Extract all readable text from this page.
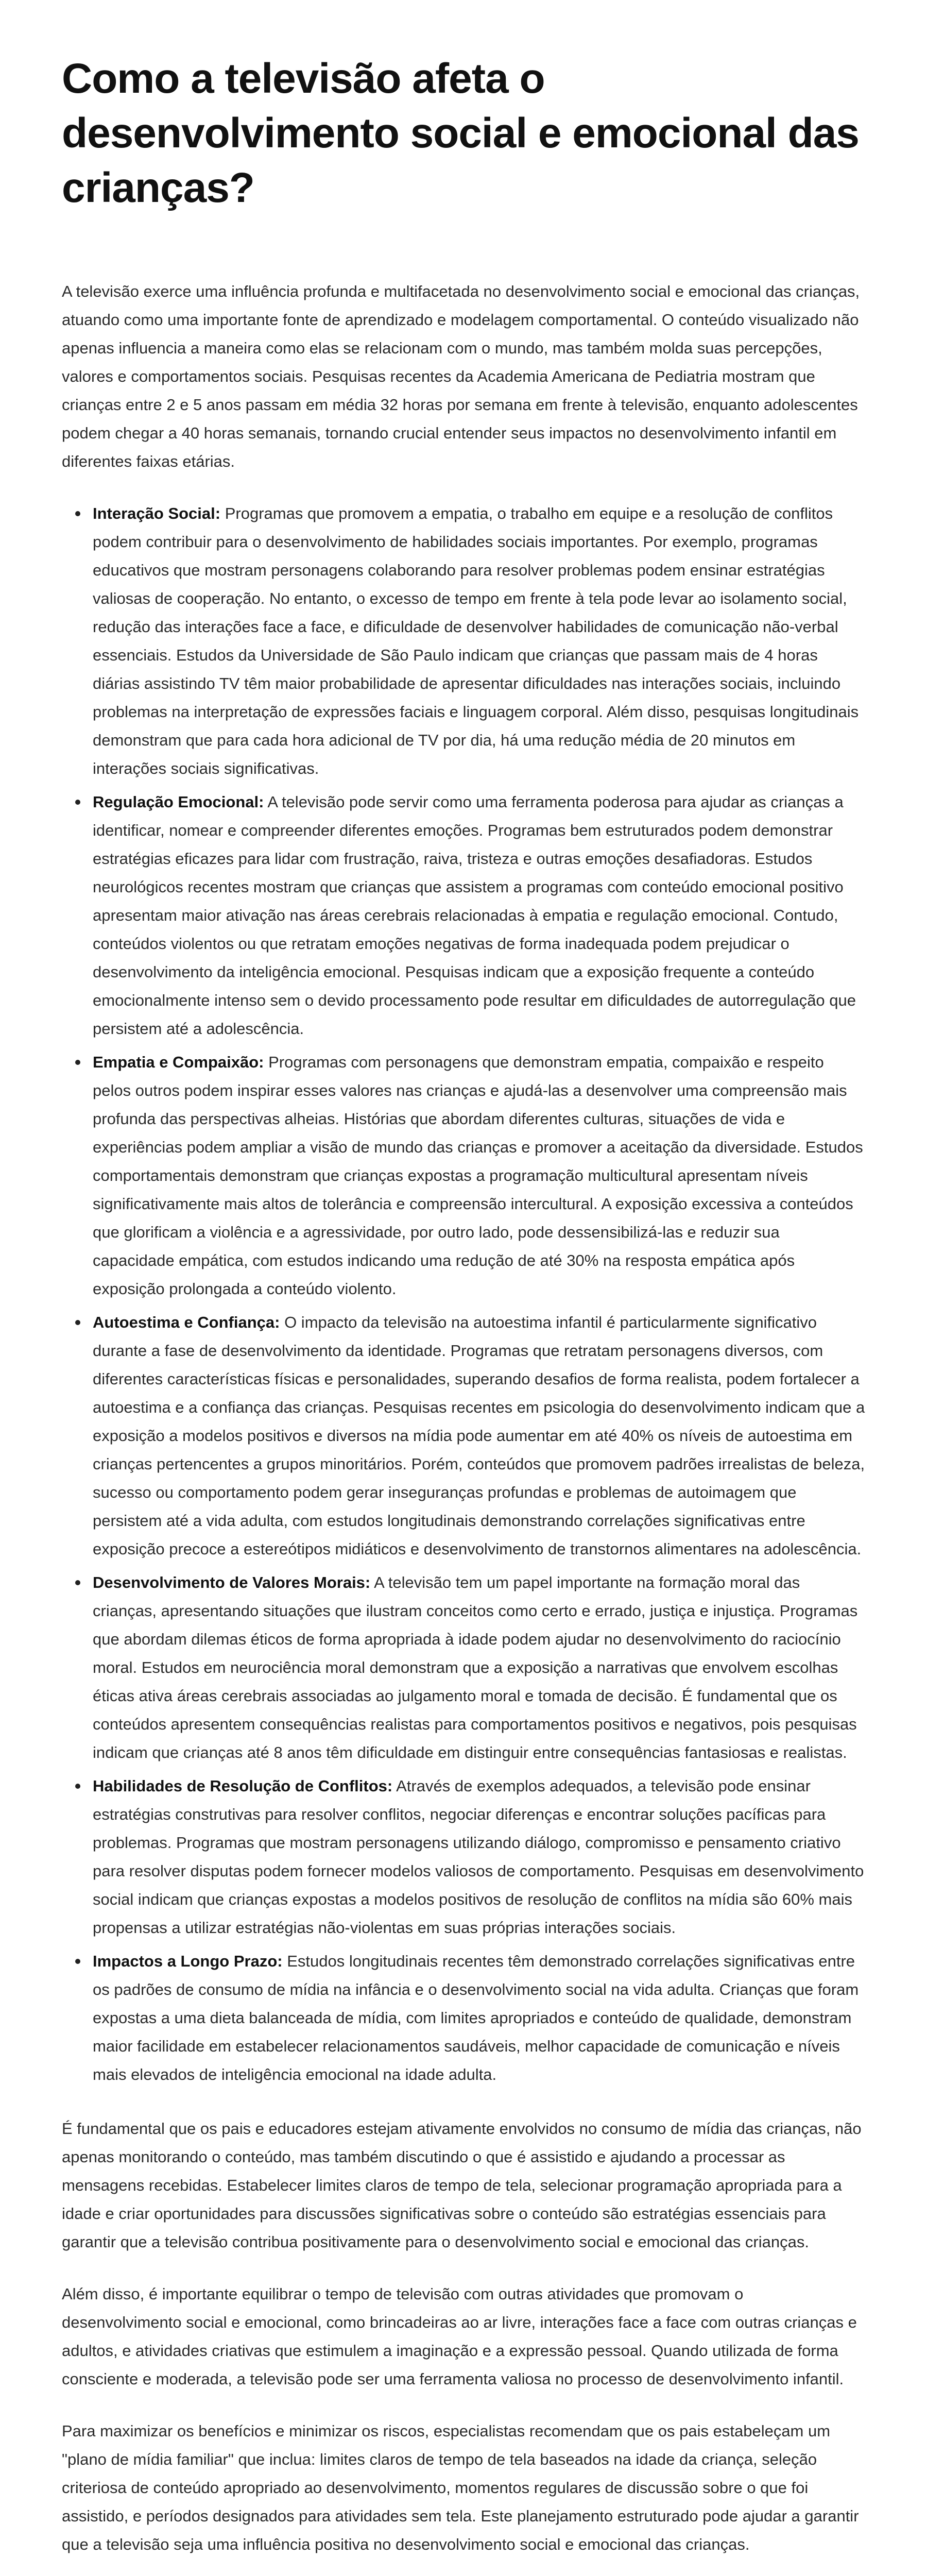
Como a televisão afeta o desenvolvimento social e emocional das crianças?

A televisão exerce uma influência profunda e multifacetada no desenvolvimento social e emocional das crianças, atuando como uma importante fonte de aprendizado e modelagem comportamental. O conteúdo visualizado não apenas influencia a maneira como elas se relacionam com o mundo, mas também molda suas percepções, valores e comportamentos sociais. Pesquisas recentes da Academia Americana de Pediatria mostram que crianças entre 2 e 5 anos passam em média 32 horas por semana em frente à televisão, enquanto adolescentes podem chegar a 40 horas semanais, tornando crucial entender seus impactos no desenvolvimento infantil em diferentes faixas etárias.

Interação Social: Programas que promovem a empatia, o trabalho em equipe e a resolução de conflitos podem contribuir para o desenvolvimento de habilidades sociais importantes. Por exemplo, programas educativos que mostram personagens colaborando para resolver problemas podem ensinar estratégias valiosas de cooperação. No entanto, o excesso de tempo em frente à tela pode levar ao isolamento social, redução das interações face a face, e dificuldade de desenvolver habilidades de comunicação não-verbal essenciais. Estudos da Universidade de São Paulo indicam que crianças que passam mais de 4 horas diárias assistindo TV têm maior probabilidade de apresentar dificuldades nas interações sociais, incluindo problemas na interpretação de expressões faciais e linguagem corporal. Além disso, pesquisas longitudinais demonstram que para cada hora adicional de TV por dia, há uma redução média de 20 minutos em interações sociais significativas.
Regulação Emocional: A televisão pode servir como uma ferramenta poderosa para ajudar as crianças a identificar, nomear e compreender diferentes emoções. Programas bem estruturados podem demonstrar estratégias eficazes para lidar com frustração, raiva, tristeza e outras emoções desafiadoras. Estudos neurológicos recentes mostram que crianças que assistem a programas com conteúdo emocional positivo apresentam maior ativação nas áreas cerebrais relacionadas à empatia e regulação emocional. Contudo, conteúdos violentos ou que retratam emoções negativas de forma inadequada podem prejudicar o desenvolvimento da inteligência emocional. Pesquisas indicam que a exposição frequente a conteúdo emocionalmente intenso sem o devido processamento pode resultar em dificuldades de autorregulação que persistem até a adolescência.
Empatia e Compaixão: Programas com personagens que demonstram empatia, compaixão e respeito pelos outros podem inspirar esses valores nas crianças e ajudá-las a desenvolver uma compreensão mais profunda das perspectivas alheias. Histórias que abordam diferentes culturas, situações de vida e experiências podem ampliar a visão de mundo das crianças e promover a aceitação da diversidade. Estudos comportamentais demonstram que crianças expostas a programação multicultural apresentam níveis significativamente mais altos de tolerância e compreensão intercultural. A exposição excessiva a conteúdos que glorificam a violência e a agressividade, por outro lado, pode dessensibilizá-las e reduzir sua capacidade empática, com estudos indicando uma redução de até 30% na resposta empática após exposição prolongada a conteúdo violento.
Autoestima e Confiança: O impacto da televisão na autoestima infantil é particularmente significativo durante a fase de desenvolvimento da identidade. Programas que retratam personagens diversos, com diferentes características físicas e personalidades, superando desafios de forma realista, podem fortalecer a autoestima e a confiança das crianças. Pesquisas recentes em psicologia do desenvolvimento indicam que a exposição a modelos positivos e diversos na mídia pode aumentar em até 40% os níveis de autoestima em crianças pertencentes a grupos minoritários. Porém, conteúdos que promovem padrões irrealistas de beleza, sucesso ou comportamento podem gerar inseguranças profundas e problemas de autoimagem que persistem até a vida adulta, com estudos longitudinais demonstrando correlações significativas entre exposição precoce a estereótipos midiáticos e desenvolvimento de transtornos alimentares na adolescência.
Desenvolvimento de Valores Morais: A televisão tem um papel importante na formação moral das crianças, apresentando situações que ilustram conceitos como certo e errado, justiça e injustiça. Programas que abordam dilemas éticos de forma apropriada à idade podem ajudar no desenvolvimento do raciocínio moral. Estudos em neurociência moral demonstram que a exposição a narrativas que envolvem escolhas éticas ativa áreas cerebrais associadas ao julgamento moral e tomada de decisão. É fundamental que os conteúdos apresentem consequências realistas para comportamentos positivos e negativos, pois pesquisas indicam que crianças até 8 anos têm dificuldade em distinguir entre consequências fantasiosas e realistas.
Habilidades de Resolução de Conflitos: Através de exemplos adequados, a televisão pode ensinar estratégias construtivas para resolver conflitos, negociar diferenças e encontrar soluções pacíficas para problemas. Programas que mostram personagens utilizando diálogo, compromisso e pensamento criativo para resolver disputas podem fornecer modelos valiosos de comportamento. Pesquisas em desenvolvimento social indicam que crianças expostas a modelos positivos de resolução de conflitos na mídia são 60% mais propensas a utilizar estratégias não-violentas em suas próprias interações sociais.
Impactos a Longo Prazo: Estudos longitudinais recentes têm demonstrado correlações significativas entre os padrões de consumo de mídia na infância e o desenvolvimento social na vida adulta. Crianças que foram expostas a uma dieta balanceada de mídia, com limites apropriados e conteúdo de qualidade, demonstram maior facilidade em estabelecer relacionamentos saudáveis, melhor capacidade de comunicação e níveis mais elevados de inteligência emocional na idade adulta.

É fundamental que os pais e educadores estejam ativamente envolvidos no consumo de mídia das crianças, não apenas monitorando o conteúdo, mas também discutindo o que é assistido e ajudando a processar as mensagens recebidas. Estabelecer limites claros de tempo de tela, selecionar programação apropriada para a idade e criar oportunidades para discussões significativas sobre o conteúdo são estratégias essenciais para garantir que a televisão contribua positivamente para o desenvolvimento social e emocional das crianças.

Além disso, é importante equilibrar o tempo de televisão com outras atividades que promovam o desenvolvimento social e emocional, como brincadeiras ao ar livre, interações face a face com outras crianças e adultos, e atividades criativas que estimulem a imaginação e a expressão pessoal. Quando utilizada de forma consciente e moderada, a televisão pode ser uma ferramenta valiosa no processo de desenvolvimento infantil.

Para maximizar os benefícios e minimizar os riscos, especialistas recomendam que os pais estabeleçam um "plano de mídia familiar" que inclua: limites claros de tempo de tela baseados na idade da criança, seleção criteriosa de conteúdo apropriado ao desenvolvimento, momentos regulares de discussão sobre o que foi assistido, e períodos designados para atividades sem tela. Este planejamento estruturado pode ajudar a garantir que a televisão seja uma influência positiva no desenvolvimento social e emocional das crianças.
